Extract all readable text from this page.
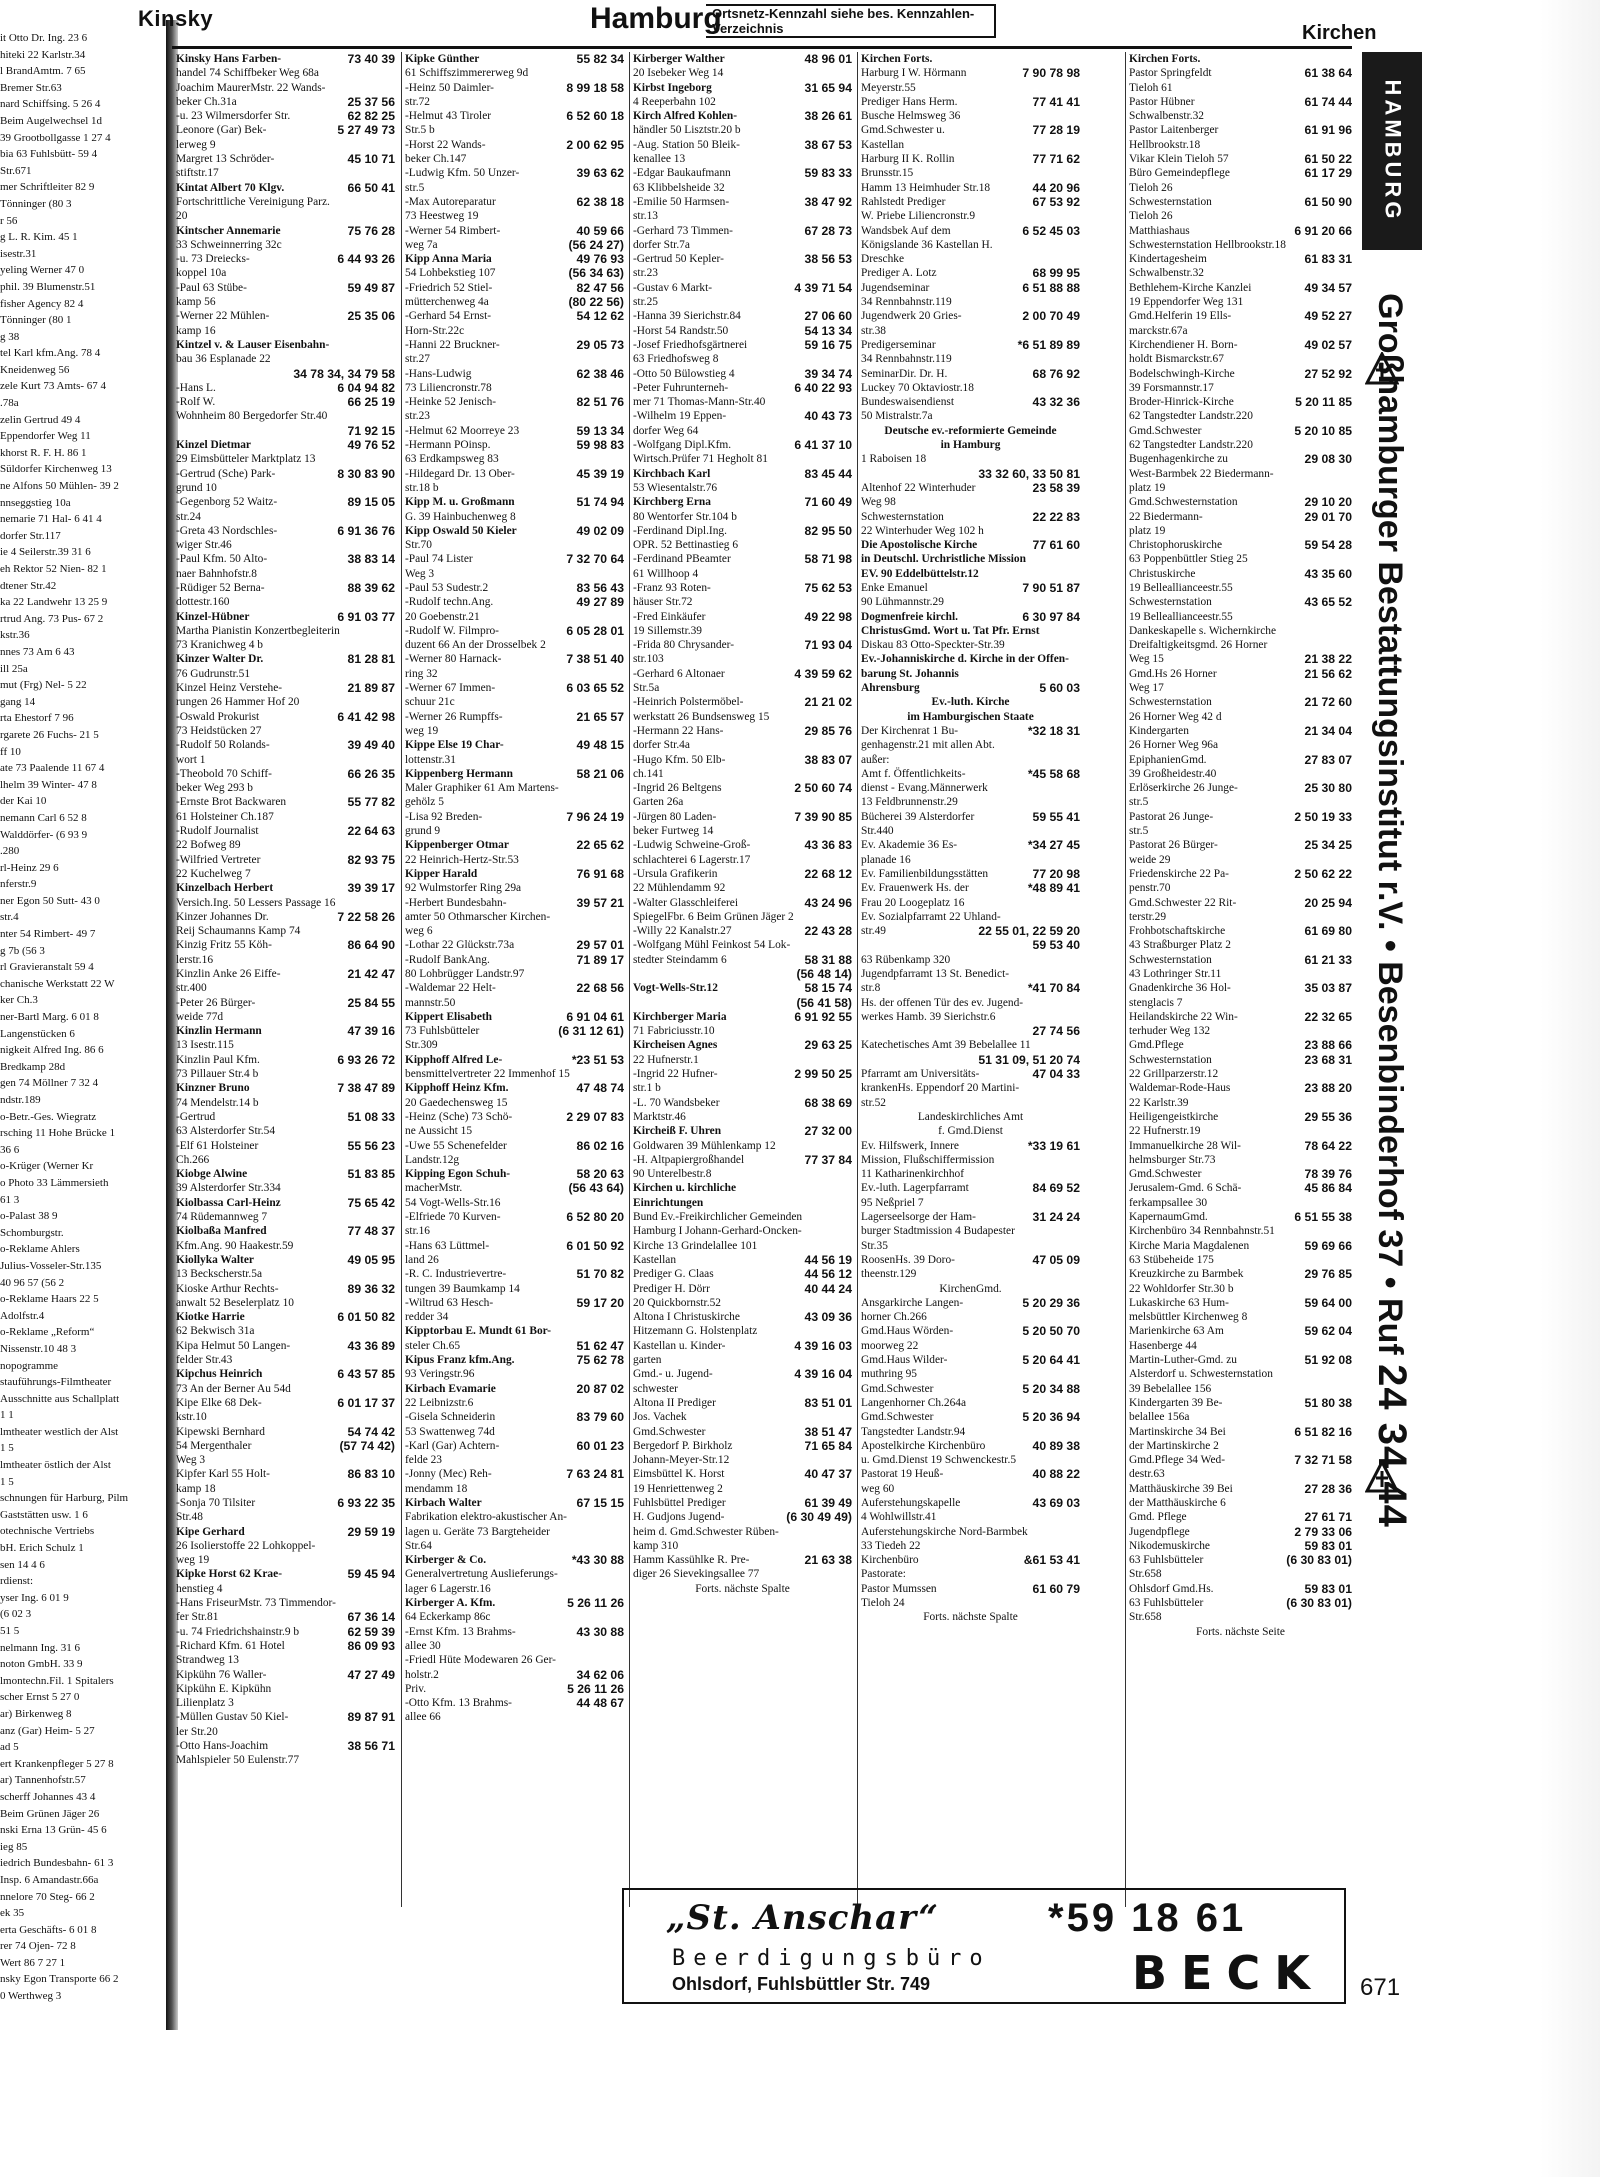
it Otto Dr. Ing. 23 6
hiteki 22 Karlstr.34
l BrandAmtm. 7 65
Bremer Str.63
nard Schiffsing. 5 26 4
Beim Augelwechsel 1d
39 Grootbollgasse 1 27 4
bia 63 Fuhlsbütt- 59 4
Str.671
mer Schriftleiter 82 9
Tönninger (80 3
r 56
g L. R. Kim. 45 1
isestr.31
yeling Werner 47 0
phil. 39 Blumenstr.51
fisher Agency 82 4
Tönninger (80 1
g 38
tel Karl kfm.Ang. 78 4
Kneidenweg 56
zele Kurt 73 Amts- 67 4
.78a
zelin Gertrud 49 4
Eppendorfer Weg 11
khorst R. F. H. 86 1
Süldorfer Kirchenweg 13
ne Alfons 50 Mühlen- 39 2
nnseggstieg 10a
nemarie 71 Hal- 6 41 4
dorfer Str.117
ie 4 Seilerstr.39 31 6
eh Rektor 52 Nien- 82 1
dtener Str.42
ka 22 Landwehr 13 25 9
rtrud Ang. 73 Pus- 67 2
kstr.36
nnes 73 Am 6 43
ill 25a
mut (Frg) Nel- 5 22
gang 14
rta Ehestorf 7 96
rgarete 26 Fuchs- 21 5
ff 10
ate 73 Paalende 11 67 4
lhelm 39 Winter- 47 8
der Kai 10
nemann Carl 6 52 8
Walddörfer- (6 93 9
.280
rl-Heinz 29 6
nferstr.9
ner Egon 50 Sutt- 43 0
str.4
nter 54 Rimbert- 49 7
g 7b (56 3
rl Gravieranstalt 59 4
chanische Werkstatt 22 W
ker Ch.3
ner-Bartl Marg. 6 01 8
Langenstücken 6
nigkeit Alfred Ing. 86 6
Bredkamp 28d
gen 74 Möllner 7 32 4
ndstr.189
o-Betr.-Ges. Wiegratz
rsching 11 Hohe Brücke 1
36 6
o-Krüger (Werner Kr
o Photo 33 Lämmersieth
61 3
o-Palast 38 9
Schomburgstr.
o-Reklame Ahlers
Julius-Vosseler-Str.135
40 96 57 (56 2
o-Reklame Haars 22 5
Adolfstr.4
o-Reklame „Reform“
Nissenstr.10 48 3
nopogramme
stauführungs-Filmtheater
Ausschnitte aus Schallplatt
1 1
lmtheater westlich der Alst
1 5
lmtheater östlich der Alst
1 5
schnungen für Harburg, Pilm
Gaststätten usw. 1 6
otechnische Vertriebs
bH. Erich Schulz 1
sen 14 4 6
rdienst:
yser Ing. 6 01 9
(6 02 3
51 5
nelmann Ing. 31 6
noton GmbH. 33 9
lmontechn.Fil. 1 Spitalers
scher Ernst 5 27 0
ar) Birkenweg 8
anz (Gar) Heim- 5 27
ad 5
ert Krankenpfleger 5 27 8
ar) Tannenhofstr.57
scherff Johannes 43 4
Beim Grünen Jäger 26
nski Erna 13 Grün- 45 6
ieg 85
iedrich Bundesbahn- 61 3
Insp. 6 Amandastr.66a
nnelore 70 Steg- 66 2
ek 35
erta Geschäfts- 6 01 8
rer 74 Ojen- 72 8
Wert 86 7 27 1
nsky Egon Transporte 66 2
0 Werthweg 3
Kinsky	Hamburg
Ortsnetz-Kennzahl siehe bes. Kennzahlen-Verzeichnis	Kirchen
73 40 39
Kinsky Hans Farben-
handel 74 Schiffbeker Weg 68a
Joachim MaurerMstr. 22 Wands-
25 37 56
beker Ch.31a
62 82 25
-u. 23 Wilmersdorfer Str.
5 27 49 73
Leonore (Gar) Bek-
lerweg 9
45 10 71
Margret 13 Schröder-
stiftstr.17
66 50 41
Kintat Albert 70 Klgv.
Fortschrittliche Vereinigung Parz.
20
75 76 28
Kintscher Annemarie
33 Schweinnerring 32c
6 44 93 26
-u. 73 Dreiecks-
koppel 10a
59 49 87
-Paul 63 Stübe-
kamp 56
25 35 06
-Werner 22 Mühlen-
kamp 16
Kintzel v. & Lauser Eisenbahn-
bau 36 Esplanade 22
34 78 34, 34 79 58
6 04 94 82
-Hans L.
66 25 19
-Rolf W.
Wohnheim 80 Bergedorfer Str.40
71 92 15
49 76 52
Kinzel Dietmar
29 Eimsbütteler Marktplatz 13
8 30 83 90
-Gertrud (Sche) Park-
grund 10
89 15 05
-Gegenborg 52 Waitz-
str.24
6 91 36 76
-Greta 43 Nordschles-
wiger Str.46
38 83 14
-Paul Kfm. 50 Alto-
naer Bahnhofstr.8
88 39 62
-Rüdiger 52 Berna-
dottestr.160
6 91 03 77
Kinzel-Hübner
Martha Pianistin Konzertbegleiterin
73 Kranichweg 4 b
81 28 81
Kinzer Walter Dr.
76 Gudrunstr.51
21 89 87
Kinzel Heinz Verstehe-
rungen 26 Hammer Hof 20
6 41 42 98
-Oswald Prokurist
73 Heidstücken 27
39 49 40
-Rudolf 50 Rolands-
wort 1
66 26 35
-Theobold 70 Schiff-
beker Weg 293 b
55 77 82
-Ernste Brot Backwaren
61 Holsteiner Ch.187
22 64 63
-Rudolf Journalist
22 Bofweg 89
82 93 75
-Wilfried Vertreter
22 Kuchelweg 7
39 39 17
Kinzelbach Herbert
Versich.Ing. 50 Lessers Passage 16
7 22 58 26
Kinzer Johannes Dr.
Reij Schaumanns Kamp 74
86 64 90
Kinzig Fritz 55 Köh-
lerstr.16
21 42 47
Kinzlin Anke 26 Eiffe-
str.400
25 84 55
-Peter 26 Bürger-
weide 77d
47 39 16
Kinzlin Hermann
13 Isestr.115
6 93 26 72
Kinzlin Paul Kfm.
73 Pillauer Str.4 b
7 38 47 89
Kinzner Bruno
74 Mendelstr.14 b
51 08 33
-Gertrud
63 Alsterdorfer Str.54
55 56 23
-Elf 61 Holsteiner
Ch.266
51 83 85
Kiobge Alwine
39 Alsterdorfer Str.334
75 65 42
Kiolbassa Carl-Heinz
74 Rüdemannweg 7
77 48 37
Kiolbaßa Manfred
Kfm.Ang. 90 Haakestr.59
49 05 95
Kiollyka Walter
13 Beckscherstr.5a
89 36 32
Kioske Arthur Rechts-
anwalt 52 Beselerplatz 10
6 01 50 82
Kiotke Harrie
62 Bekwisch 31a
43 36 89
Kipa Helmut 50 Langen-
felder Str.43
6 43 57 85
Kipchus Heinrich
73 An der Berner Au 54d
6 01 17 37
Kipe Elke 68 Dek-
kstr.10
54 74 42
Kipewski Bernhard
(57 74 42)
54 Mergenthaler
Weg 3
86 83 10
Kipfer Karl 55 Holt-
kamp 18
6 93 22 35
-Sonja 70 Tilsiter
Str.48
29 59 19
Kipe Gerhard
26 Isolierstoffe 22 Lohkoppel-
weg 19
59 45 94
Kipke Horst 62 Krae-
henstieg 4
-Hans FriseurMstr. 73 Timmendor-
67 36 14
fer Str.81
62 59 39
-u. 74 Friedrichshainstr.9 b
86 09 93
-Richard Kfm. 61 Hotel
Strandweg 13
47 27 49
Kipkühn 76 Waller-
Kipkühn E. Kipkühn
Lilienplatz 3
89 87 91
-Müllen Gustav 50 Kiel-
ler Str.20
38 56 71
-Otto Hans-Joachim
Mahlspieler 50 Eulenstr.77
55 82 34
Kipke Günther
61 Schiffszimmererweg 9d
8 99 18 58
-Heinz 50 Daimler-
str.72
6 52 60 18
-Helmut 43 Tiroler
Str.5 b
2 00 62 95
-Horst 22 Wands-
beker Ch.147
39 63 62
-Ludwig Kfm. 50 Unzer-
str.5
62 38 18
-Max Autoreparatur
73 Heestweg 19
40 59 66
-Werner 54 Rimbert-
(56 24 27)
weg 7a
49 76 93
Kipp Anna Maria
(56 34 63)
54 Lohbekstieg 107
82 47 56
-Friedrich 52 Stiel-
(80 22 56)
mütterchenweg 4a
54 12 62
-Gerhard 54 Ernst-
Horn-Str.22c
29 05 73
-Hanni 22 Bruckner-
str.27
62 38 46
-Hans-Ludwig
73 Liliencronstr.78
82 51 76
-Heinke 52 Jenisch-
str.23
59 13 34
-Helmut 62 Moorreye 23
59 98 83
-Hermann POinsp.
63 Erdkampsweg 83
45 39 19
-Hildegard Dr. 13 Ober-
str.18 b
51 74 94
Kipp M. u. Großmann
G. 39 Hainbuchenweg 8
49 02 09
Kipp Oswald 50 Kieler
Str.70
7 32 70 64
-Paul 74 Lister
Weg 3
83 56 43
-Paul 53 Sudestr.2
49 27 89
-Rudolf techn.Ang.
20 Goebenstr.21
6 05 28 01
-Rudolf W. Filmpro-
duzent 66 An der Drosselbek 2
7 38 51 40
-Werner 80 Harnack-
ring 32
6 03 65 52
-Werner 67 Immen-
schuur 21c
21 65 57
-Werner 26 Rumpffs-
weg 19
49 48 15
Kippe Else 19 Char-
lottenstr.31
58 21 06
Kippenberg Hermann
Maler Graphiker 61 Am Martens-
gehölz 5
7 96 24 19
-Lisa 92 Breden-
grund 9
22 65 62
Kippenberger Otmar
22 Heinrich-Hertz-Str.53
76 91 68
Kipper Harald
92 Wulmstorfer Ring 29a
39 57 21
-Herbert Bundesbahn-
amter 50 Othmarscher Kirchen-
weg 6
29 57 01
-Lothar 22 Glückstr.73a
71 89 17
-Rudolf BankAng.
80 Lohbrügger Landstr.97
22 68 56
-Waldemar 22 Helt-
mannstr.50
6 91 04 61
Kippert Elisabeth
(6 31 12 61)
73 Fuhlsbütteler
Str.309
*23 51 53
Kipphoff Alfred Le-
bensmittelvertreter 22 Immenhof 15
47 48 74
Kipphoff Heinz Kfm.
20 Gaedechensweg 15
2 29 07 83
-Heinz (Sche) 73 Schö-
ne Aussicht 15
86 02 16
-Uwe 55 Schenefelder
Landstr.12g
58 20 63
Kipping Egon Schuh-
(56 43 64)
macherMstr.
54 Vogt-Wells-Str.16
6 52 80 20
-Elfriede 70 Kurven-
str.16
6 01 50 92
-Hans 63 Lüttmel-
land 26
51 70 82
-R. C. Industrievertre-
tungen 39 Baumkamp 14
59 17 20
-Wiltrud 63 Hesch-
redder 34
Kipptorbau E. Mundt 61 Bor-
51 62 47
steler Ch.65
75 62 78
Kipus Franz kfm.Ang.
93 Veringstr.96
20 87 02
Kirbach Evamarie
22 Leibnizstr.6
83 79 60
-Gisela Schneiderin
53 Swattenweg 74d
60 01 23
-Karl (Gar) Achtern-
felde 23
7 63 24 81
-Jonny (Mec) Reh-
mendamm 18
67 15 15
Kirbach Walter
Fabrikation elektro-akustischer An-
lagen u. Geräte 73 Bargteheider
Str.64
*43 30 88
Kirberger & Co.
Generalvertretung Auslieferungs-
lager 6 Lagerstr.16
5 26 11 26
Kirberger A. Kfm.
64 Eckerkamp 86c
43 30 88
-Ernst Kfm. 13 Brahms-
allee 30
-Friedl Hüte Modewaren 26 Ger-
34 62 06
holstr.2
5 26 11 26
Priv.
44 48 67
-Otto Kfm. 13 Brahms-
allee 66
48 96 01
Kirberger Walther
20 Isebeker Weg 14
31 65 94
Kirbst Ingeborg
4 Reeperbahn 102
38 26 61
Kirch Alfred Kohlen-
händler 50 Lisztstr.20 b
38 67 53
-Aug. Station 50 Bleik-
kenallee 13
59 83 33
-Edgar Baukaufmann
63 Klibbelsheide 32
38 47 92
-Emilie 50 Harmsen-
str.13
67 28 73
-Gerhard 73 Timmen-
dorfer Str.7a
38 56 53
-Gertrud 50 Kepler-
str.23
4 39 71 54
-Gustav 6 Markt-
str.25
27 06 60
-Hanna 39 Sierichstr.84
54 13 34
-Horst 54 Randstr.50
59 16 75
-Josef Friedhofsgärtnerei
63 Friedhofsweg 8
39 34 74
-Otto 50 Bülowstieg 4
6 40 22 93
-Peter Fuhrunterneh-
mer 71 Thomas-Mann-Str.40
40 43 73
-Wilhelm 19 Eppen-
dorfer Weg 64
6 41 37 10
-Wolfgang Dipl.Kfm.
Wirtsch.Prüfer 71 Hegholt 81
83 45 44
Kirchbach Karl
53 Wiesentalstr.76
71 60 49
Kirchberg Erna
80 Wentorfer Str.104 b
82 95 50
-Ferdinand Dipl.Ing.
OPR. 52 Bettinastieg 6
58 71 98
-Ferdinand PBeamter
61 Willhoop 4
75 62 53
-Franz 93 Roten-
häuser Str.72
49 22 98
-Fred Einkäufer
19 Sillemstr.39
71 93 04
-Frida 80 Chrysander-
str.103
4 39 59 62
-Gerhard 6 Altonaer
Str.5a
21 21 02
-Heinrich Polstermöbel-
werkstatt 26 Bundsensweg 15
29 85 76
-Hermann 22 Hans-
dorfer Str.4a
38 83 07
-Hugo Kfm. 50 Elb-
ch.141
2 50 60 74
-Ingrid 26 Beltgens
Garten 26a
7 39 90 85
-Jürgen 80 Laden-
beker Furtweg 14
43 36 83
-Ludwig Schweine-Groß-
schlachterei 6 Lagerstr.17
22 68 12
-Ursula Grafikerin
22 Mühlendamm 92
43 24 96
-Walter Glasschleiferei
SpiegelFbr. 6 Beim Grünen Jäger 2
22 43 28
-Willy 22 Kanalstr.27
-Wolfgang Mühl Feinkost 54 Lok-
58 31 88
stedter Steindamm 6
(56 48 14)
58 15 74
Vogt-Wells-Str.12
(56 41 58)
6 91 92 55
Kirchberger Maria
71 Fabriciusstr.10
29 63 25
Kircheisen Agnes
22 Hufnerstr.1
2 99 50 25
-Ingrid 22 Hufner-
str.1 b
68 38 69
-L. 70 Wandsbeker
Marktstr.46
27 32 00
Kircheiß F. Uhren
Goldwaren 39 Mühlenkamp 12
77 37 84
-H. Altpapiergroßhandel
90 Unterelbestr.8
Kirchen u. kirchliche
Einrichtungen
Bund Ev.-Freikirchlicher Gemeinden
Hamburg I Johann-Gerhard-Oncken-
Kirche 13 Grindelallee 101
44 56 19
Kastellan
44 56 12
Prediger G. Claas
40 44 24
Prediger H. Dörr
20 Quickbornstr.52
43 09 36
Altona I Christuskirche
Hitzemann G. Holstenplatz
4 39 16 03
Kastellan u. Kinder-
garten
4 39 16 04
Gmd.- u. Jugend-
schwester
83 51 01
Altona II Prediger
Jos. Vachek
38 51 47
Gmd.Schwester
71 65 84
Bergedorf P. Birkholz
Johann-Meyer-Str.12
40 47 37
Eimsbüttel K. Horst
19 Henriettenweg 2
61 39 49
Fuhlsbüttel Prediger
(6 30 49 49)
H. Gudjons Jugend-
heim d. Gmd.Schwester Rüben-
kamp 310
21 63 38
Hamm Kassühlke R. Pre-
diger 26 Sievekingsallee 77
Forts. nächste Spalte
Kirchen Forts.
7 90 78 98
Harburg I W. Hörmann
Meyerstr.55
77 41 41
Prediger Hans Herm.
Busche Helmsweg 36
77 28 19
Gmd.Schwester u.
Kastellan
77 71 62
Harburg II K. Rollin
Brunsstr.15
44 20 96
Hamm 13 Heimhuder Str.18
67 53 92
Rahlstedt Prediger
W. Priebe Liliencronstr.9
6 52 45 03
Wandsbek Auf dem
Königslande 36 Kastellan H.
Dreschke
68 99 95
Prediger A. Lotz
6 51 88 88
Jugendseminar
34 Rennbahnstr.119
2 00 70 49
Jugendwerk 20 Gries-
str.38
*6 51 89 89
Predigerseminar
34 Rennbahnstr.119
68 76 92
SeminarDir. Dr. H.
Luckey 70 Oktaviostr.18
43 32 36
Bundeswaisendienst
50 Mistralstr.7a
Deutsche ev.-reformierte Gemeinde
in Hamburg
1 Raboisen 18
33 32 60, 33 50 81
23 58 39
Altenhof 22 Winterhuder
Weg 98
22 22 83
Schwesternstation
22 Winterhuder Weg 102 h
77 61 60
Die Apostolische Kirche
in Deutschl. Urchristliche Mission
EV. 90 Eddelbüttelstr.12
7 90 51 87
Enke Emanuel
90 Lühmannstr.29
6 30 97 84
Dogmenfreie kirchl.
ChristusGmd. Wort u. Tat Pfr. Ernst
Diskau 83 Otto-Speckter-Str.39
Ev.-Johanniskirche d. Kirche in der Offen-
barung St. Johannis
5 60 03
Ahrensburg
Ev.-luth. Kirche
im Hamburgischen Staate
*32 18 31
Der Kirchenrat 1 Bu-
genhagenstr.21 mit allen Abt.
außer:
*45 58 68
Amt f. Öffentlichkeits-
dienst - Evang.Männerwerk
13 Feldbrunnenstr.29
59 55 41
Bücherei 39 Alsterdorfer
Str.440
*34 27 45
Ev. Akademie 36 Es-
planade 16
77 20 98
Ev. Familienbildungsstätten
*48 89 41
Ev. Frauenwerk Hs. der
Frau 20 Loogeplatz 16
Ev. Sozialpfarramt 22 Uhland-
22 55 01, 22 59 20
str.49
59 53 40
63 Rübenkamp 320
Jugendpfarramt 13 St. Benedict-
*41 70 84
str.8
Hs. der offenen Tür des ev. Jugend-
werkes Hamb. 39 Sierichstr.6
27 74 56
Katechetisches Amt 39 Bebelallee 11
51 31 09, 51 20 74
47 04 33
Pfarramt am Universitäts-
krankenHs. Eppendorf 20 Martini-
str.52
Landeskirchliches Amt
f. Gmd.Dienst
*33 19 61
Ev. Hilfswerk, Innere
Mission, Flußschiffermission
11 Katharinenkirchhof
84 69 52
Ev.-luth. Lagerpfarramt
95 Neßpriel 7
31 24 24
Lagerseelsorge der Ham-
burger Stadtmission 4 Budapester
Str.35
47 05 09
RoosenHs. 39 Doro-
theenstr.129
KirchenGmd.
5 20 29 36
Ansgarkirche Langen-
horner Ch.266
5 20 50 70
Gmd.Haus Wörden-
moorweg 22
5 20 64 41
Gmd.Haus Wilder-
muthring 95
5 20 34 88
Gmd.Schwester
Langenhorner Ch.264a
5 20 36 94
Gmd.Schwester
Tangstedter Landstr.94
40 89 38
Apostelkirche Kirchenbüro
u. Gmd.Dienst 19 Schwenckestr.5
40 88 22
Pastorat 19 Heuß-
weg 60
43 69 03
Auferstehungskapelle
4 Wohlwillstr.41
Auferstehungskirche Nord-Barmbek
33 Tiedeh 22
&61 53 41
Kirchenbüro
Pastorate:
61 60 79
Pastor Mumssen
Tieloh 24
Forts. nächste Spalte
Kirchen Forts.
61 38 64
Pastor Springfeldt
Tieloh 61
61 74 44
Pastor Hübner
Schwalbenstr.32
61 91 96
Pastor Laitenberger
Hellbrookstr.18
61 50 22
Vikar Klein Tieloh 57
61 17 29
Büro Gemeindepflege
Tieloh 26
61 50 90
Schwesternstation
Tieloh 26
6 91 20 66
Matthiashaus
Schwesternstation Hellbrookstr.18
61 83 31
Kindertagesheim
Schwalbenstr.32
49 34 57
Bethlehem-Kirche Kanzlei
19 Eppendorfer Weg 131
49 52 27
Gmd.Helferin 19 Ells-
marckstr.67a
49 02 57
Kirchendiener H. Born-
holdt Bismarckstr.67
27 52 92
Bodelschwingh-Kirche
39 Forsmannstr.17
5 20 11 85
Broder-Hinrick-Kirche
62 Tangstedter Landstr.220
5 20 10 85
Gmd.Schwester
62 Tangstedter Landstr.220
29 08 30
Bugenhagenkirche zu
West-Barmbek 22 Biedermann-
platz 19
29 10 20
Gmd.Schwesternstation
29 01 70
22 Biedermann-
platz 19
59 54 28
Christophoruskirche
63 Poppenbüttler Stieg 25
43 35 60
Christuskirche
19 Belleallianceestr.55
43 65 52
Schwesternstation
19 Belleallianceestr.55
Dankeskapelle s. Wichernkirche
Dreifaltigkeitsgmd. 26 Horner
21 38 22
Weg 15
21 56 62
Gmd.Hs 26 Horner
Weg 17
21 72 60
Schwesternstation
26 Horner Weg 42 d
21 34 04
Kindergarten
26 Horner Weg 96a
27 83 07
EpiphanienGmd.
39 Großheidestr.40
25 30 80
Erlöserkirche 26 Junge-
str.5
2 50 19 33
Pastorat 26 Junge-
str.5
25 34 25
Pastorat 26 Bürger-
weide 29
2 50 62 22
Friedenskirche 22 Pa-
penstr.70
20 25 94
Gmd.Schwester 22 Rit-
terstr.29
61 69 80
Frohbotschaftskirche
43 Straßburger Platz 2
61 21 33
Schwesternstation
43 Lothringer Str.11
35 03 87
Gnadenkirche 36 Hol-
stenglacis 7
22 32 65
Heilandskirche 22 Win-
terhuder Weg 132
23 88 66
Gmd.Pflege
23 68 31
Schwesternstation
22 Grillparzerstr.12
23 88 20
Waldemar-Rode-Haus
22 Karlstr.39
29 55 36
Heiligengeistkirche
22 Hufnerstr.19
78 64 22
Immanuelkirche 28 Wil-
helmsburger Str.73
78 39 76
Gmd.Schwester
45 86 84
Jerusalem-Gmd. 6 Schä-
ferkampsallee 30
6 51 55 38
KapernaumGmd.
Kirchenbüro 34 Rennbahnstr.51
59 69 66
Kirche Maria Magdalenen
63 Stübeheide 175
29 76 85
Kreuzkirche zu Barmbek
22 Wohldorfer Str.30 b
59 64 00
Lukaskirche 63 Hum-
melsbüttler Kirchenweg 8
59 62 04
Marienkirche 63 Am
Hasenberge 44
51 92 08
Martin-Luther-Gmd. zu
Alsterdorf u. Schwesternstation
39 Bebelallee 156
51 80 38
Kindergarten 39 Be-
belallee 156a
6 51 82 16
Martinskirche 34 Bei
der Martinskirche 2
7 32 71 58
Gmd.Pflege 34 Wed-
destr.63
27 28 36
Matthäuskirche 39 Bei
der Matthäuskirche 6
27 61 71
Gmd. Pflege
2 79 33 06
Jugendpflege
59 83 01
Nikodemuskirche
(6 30 83 01)
63 Fuhlsbütteler
Str.658
59 83 01
Ohlsdorf Gmd.Hs.
(6 30 83 01)
63 Fuhlsbütteler
Str.658
Forts. nächste Seite
HAMBURG
Großhamburger Bestattungsinstitut r.V. • Besenbinderhof 37 • Ruf 24 34 44
„St. Anschar“
Beerdigungsbüro
Ohlsdorf, Fuhlsbüttler Str. 749
*59 18 61
BECK 671
